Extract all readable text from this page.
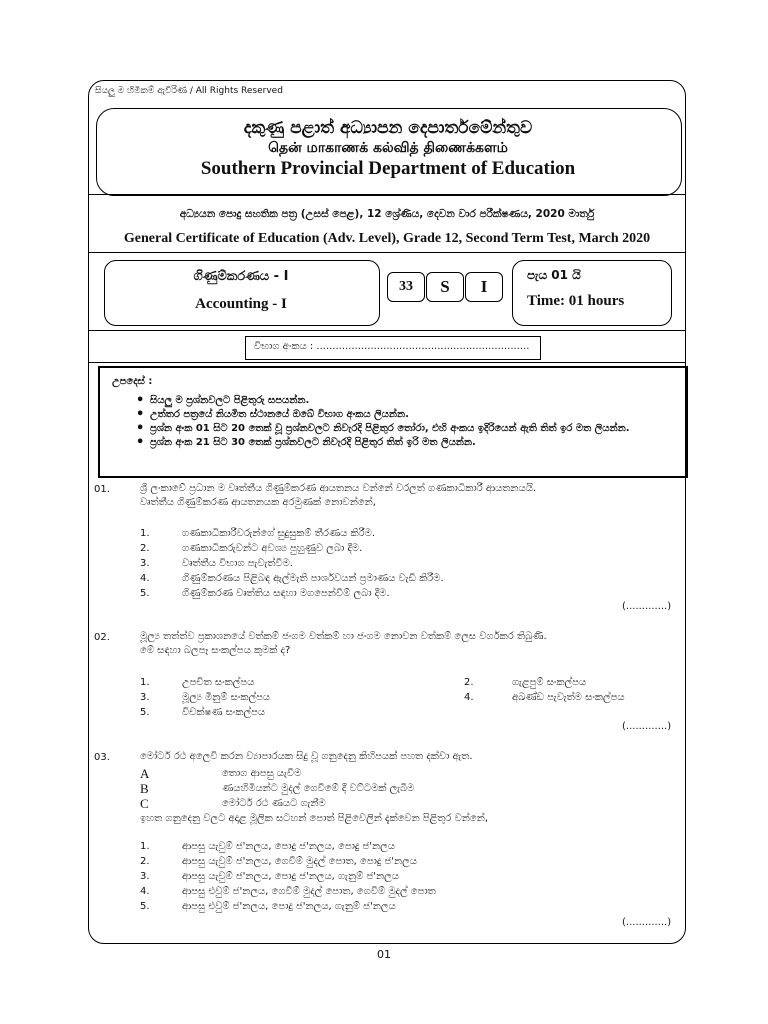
සියලු ම හිමිකම් ඇවිරිණ / All Rights Reserved
දකුණු පළාත් අධ්‍යාපන දෙපාර්තමේන්තුව
தென் மாகாணக் கல்வித் திணைக்களம்
Southern Provincial Department of Education
අධ්‍යයන පොදු සහතික පත්‍ර (උසස් පෙළ), 12 ශ්‍රේණිය, දෙවන වාර පරීක්ෂණය, 2020 මාර්තු
General Certificate of Education (Adv. Level), Grade 12, Second Term Test, March 2020
ගිණුම්කරණය - I
Accounting - I
33	S	I
පැය 01 යි
Time: 01 hours
විභාග අංකය : ...................................................................
උපදෙස් :
• සියලු ම ප්‍රශ්නවලට පිළිතුරු සපයන්න.
• උත්තර පත්‍රයේ නියමිත ස්ථානයේ ඔබේ විභාග අංකය ලියන්න.
• ප්‍රශ්න අංක 01 සිට 20 තෙක් වූ ප්‍රශ්නවලට නිවැරදි පිළිතුර තෝරා, එහි අංකය ඉදිරියෙන් ඇති තිත් ඉර මත ලියන්න.
• ප්‍රශ්න අංක 21 සිට 30 තෙක් ප්‍රශ්නවලට නිවැරදි පිළිතුර තිත් ඉරි මත ලියන්න.
01.	ශ්‍රී ලංකාවේ ප්‍රධාන ම වෘත්තීය ගිණුම්කරණ ආයතනය වන්නේ වරලත් ගණකාධිකාරී ආයතනයයි.
වෘත්තීය ගිණුම්කරණ ආයතනයක අරමුණක් නොවන්නේ,
1.	ගණකාධිකාරීවරුන්ගේ සුදුසුකම් තීරණය කිරීම.
2.	ගණකාධිකරුවන්ට අවශ්‍ය පුහුණුව ලබා දීම.
3.	වෘත්තීය විභාග පැවැත්වීම.
4.	ගිණුම්කරණය පිළිබඳ ඇල්මැති පාර්ශවයන් ප්‍රමාණය වැඩි කිරීම.
5.	ගිණුම්කරණ වෘත්තිය සඳහා මගපෙන්වීම් ලබා දීම.
(.............)
02.	මූල්‍ය තත්ත්ව ප්‍රකාශනයේ වත්කම් ජංගම වත්කම් හා ජංගම නොවන වත්කම් ලෙස වර්ගකර තිබුණි.
මේ සඳහා බලපෑ සංකල්පය කුමක් ද?
1.	උපචිත සංකල්පය	2.	ගැළපුම් සංකල්පය
3.	මූල්‍ය මිනුම් සංකල්පය	4.	අඛණ්ඩ පැවැත්ම සංකල්පය
5.	විචක්ෂණ සංකල්පය
(.............)
03.	මෝටර් රථ අලෙවි කරන ව්‍යාපාරයක සිදු වූ ගනුදෙනු කිහිපයක් පහත දක්වා ඇත.
A	තොග ආපසු යැවීම
B	ණයහිමියන්ට මුදල් ගෙවීමේ දී වට්ටමක් ලැබීම
C	මෝටර් රථ ණයට ගැනීම
ඉහත ගනුදෙනු වලට අදාළ මූලික සටහන් පොත් පිළිවෙලින් දැක්වෙන පිළිතුර වන්නේ,
1.	ආපසු යැවුම් ජ'නලය, පොදු ජ'නලය, පොදු ජ'නලය
2.	ආපසු යැවුම් ජ'නලය, ගෙවීම් මුදල් පොත, පොදු ජ'නලය
3.	ආපසු යැවුම් ජ'නලය, පොදු ජ'නලය, ගැනුම් ජ'නලය
4.	ආපසු එවුම් ජ'නලය, ගෙවීම් මුදල් පොත, ගෙවීම් මුදල් පොත
5.	ආපසු එවුම් ජ'නලය, පොදු ජ'නලය, ගැනුම් ජ'නලය
(.............)
01
